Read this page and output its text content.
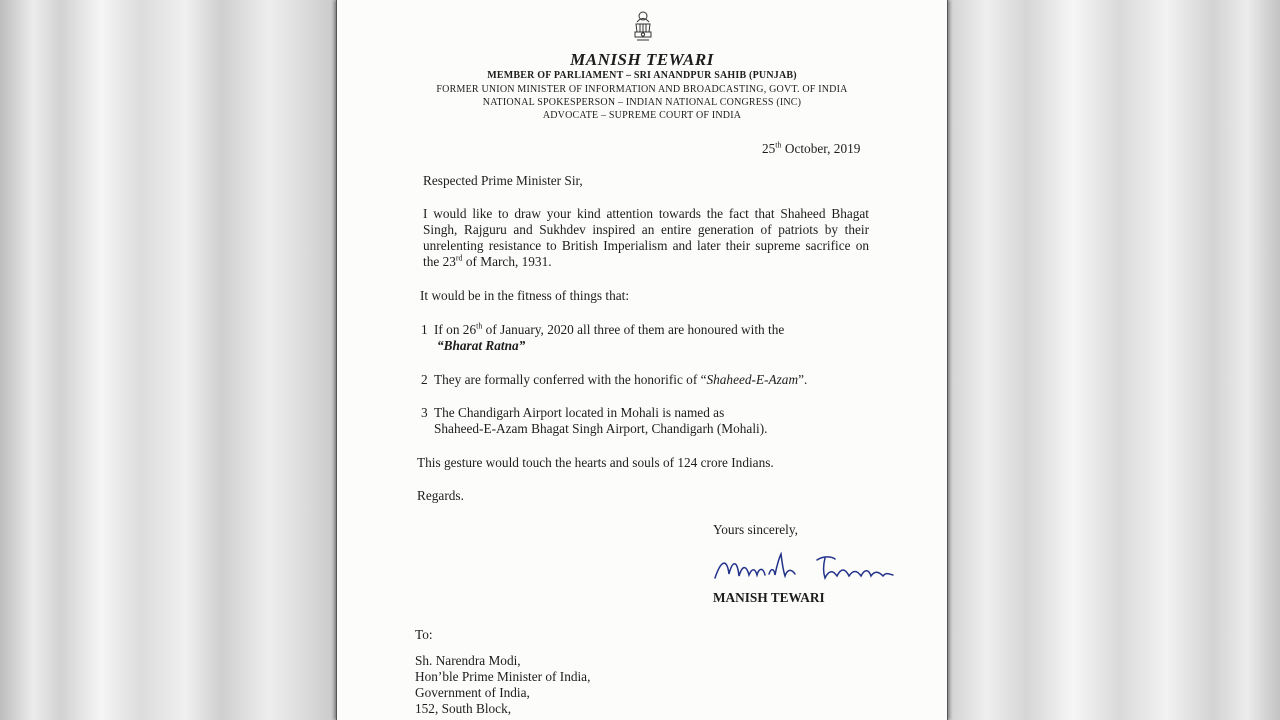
MANISH TEWARI
MEMBER OF PARLIAMENT – SRI ANANDPUR SAHIB (PUNJAB)
FORMER UNION MINISTER OF INFORMATION AND BROADCASTING, GOVT. OF INDIA
NATIONAL SPOKESPERSON – INDIAN NATIONAL CONGRESS (INC)
ADVOCATE – SUPREME COURT OF INDIA
25th October, 2019
Respected Prime Minister Sir,
I would like to draw your kind attention towards the fact that Shaheed Bhagat Singh, Rajguru and Sukhdev inspired an entire generation of patriots by their unrelenting resistance to British Imperialism and later their supreme sacrifice on the 23rd of March, 1931.
It would be in the fitness of things that:
1 If on 26th of January, 2020 all three of them are honoured with the
“Bharat Ratna”
2 They are formally conferred with the honorific of “Shaheed-E-Azam”.
3 The Chandigarh Airport located in Mohali is named as
Shaheed-E-Azam Bhagat Singh Airport, Chandigarh (Mohali).
This gesture would touch the hearts and souls of 124 crore Indians.
Regards.
Yours sincerely,
MANISH TEWARI
To:
Sh. Narendra Modi,
Hon’ble Prime Minister of India,
Government of India,
152, South Block,
